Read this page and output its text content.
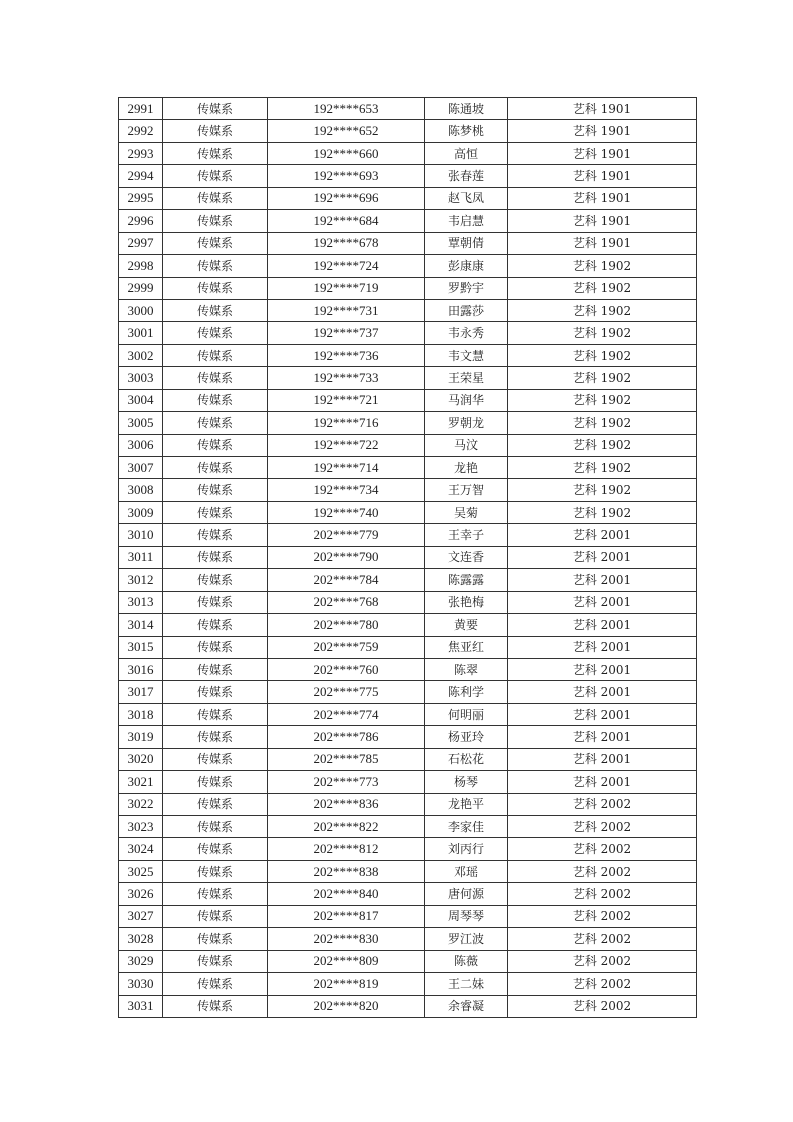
2991	传媒系	192****653	陈通坡	艺科 1901
2992	传媒系	192****652	陈梦桃	艺科 1901
2993	传媒系	192****660	高恒	艺科 1901
2994	传媒系	192****693	张春莲	艺科 1901
2995	传媒系	192****696	赵飞凤	艺科 1901
2996	传媒系	192****684	韦启慧	艺科 1901
2997	传媒系	192****678	覃朝倩	艺科 1901
2998	传媒系	192****724	彭康康	艺科 1902
2999	传媒系	192****719	罗黔宇	艺科 1902
3000	传媒系	192****731	田露莎	艺科 1902
3001	传媒系	192****737	韦永秀	艺科 1902
3002	传媒系	192****736	韦文慧	艺科 1902
3003	传媒系	192****733	王荣星	艺科 1902
3004	传媒系	192****721	马润华	艺科 1902
3005	传媒系	192****716	罗朝龙	艺科 1902
3006	传媒系	192****722	马汶	艺科 1902
3007	传媒系	192****714	龙艳	艺科 1902
3008	传媒系	192****734	王万智	艺科 1902
3009	传媒系	192****740	吴菊	艺科 1902
3010	传媒系	202****779	王幸子	艺科 2001
3011	传媒系	202****790	文连香	艺科 2001
3012	传媒系	202****784	陈露露	艺科 2001
3013	传媒系	202****768	张艳梅	艺科 2001
3014	传媒系	202****780	黄要	艺科 2001
3015	传媒系	202****759	焦亚红	艺科 2001
3016	传媒系	202****760	陈翠	艺科 2001
3017	传媒系	202****775	陈利学	艺科 2001
3018	传媒系	202****774	何明丽	艺科 2001
3019	传媒系	202****786	杨亚玲	艺科 2001
3020	传媒系	202****785	石松花	艺科 2001
3021	传媒系	202****773	杨琴	艺科 2001
3022	传媒系	202****836	龙艳平	艺科 2002
3023	传媒系	202****822	李家佳	艺科 2002
3024	传媒系	202****812	刘丙行	艺科 2002
3025	传媒系	202****838	邓瑶	艺科 2002
3026	传媒系	202****840	唐何源	艺科 2002
3027	传媒系	202****817	周琴琴	艺科 2002
3028	传媒系	202****830	罗江波	艺科 2002
3029	传媒系	202****809	陈薇	艺科 2002
3030	传媒系	202****819	王二妹	艺科 2002
3031	传媒系	202****820	余睿凝	艺科 2002
